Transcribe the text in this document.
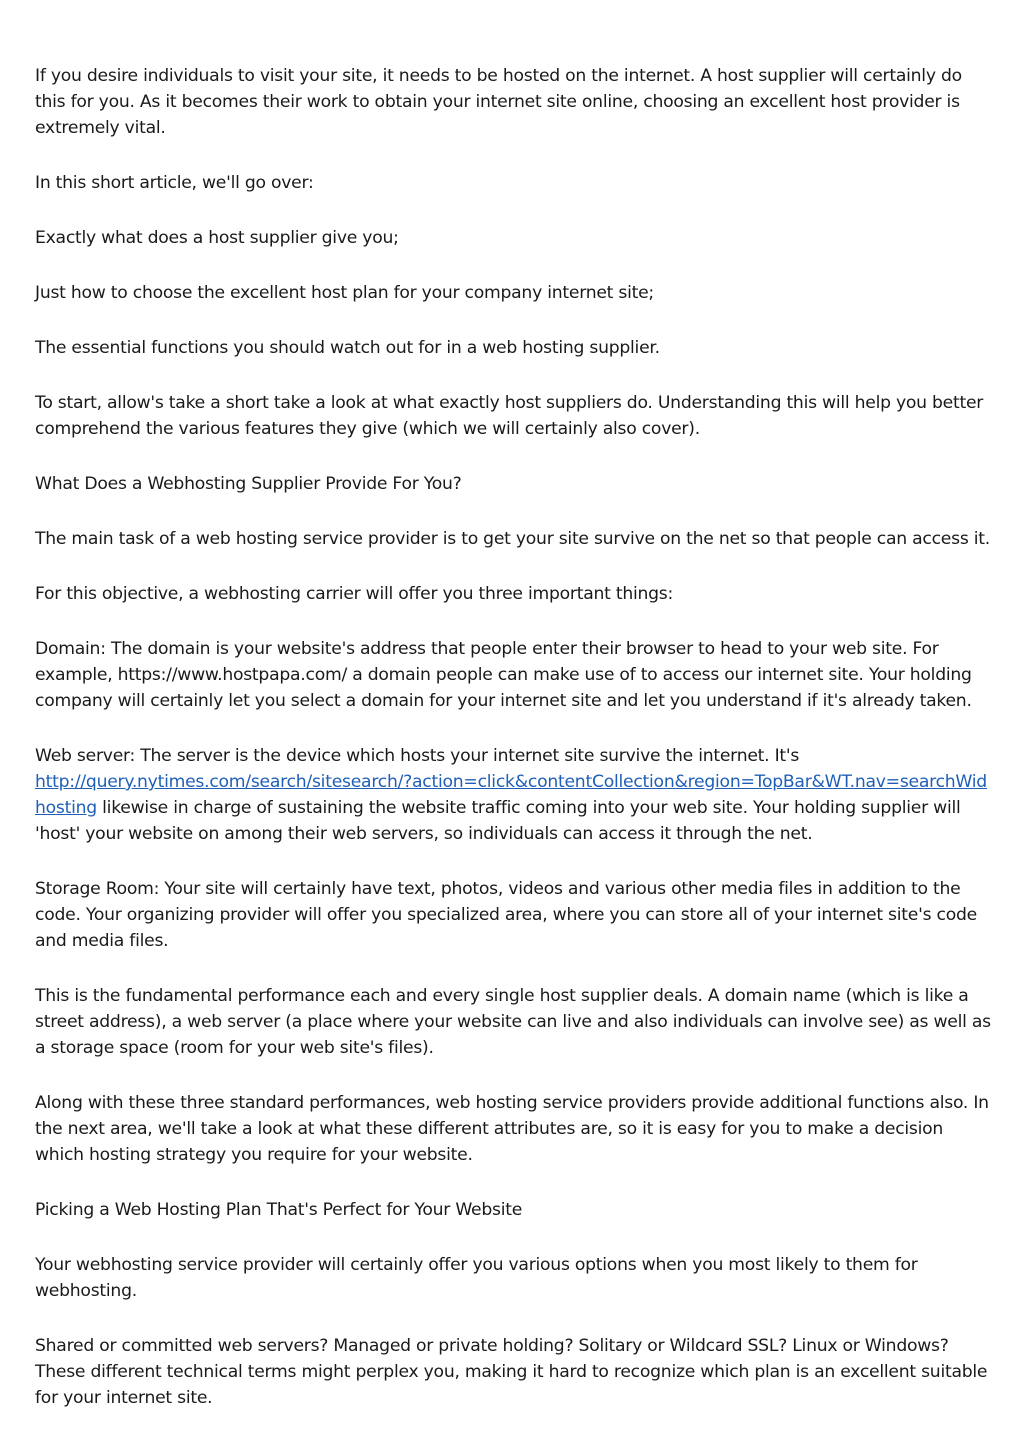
If you desire individuals to visit your site, it needs to be hosted on the internet. A host supplier will certainly do this for you. As it becomes their work to obtain your internet site online, choosing an excellent host provider is extremely vital.

In this short article, we'll go over:

Exactly what does a host supplier give you;

Just how to choose the excellent host plan for your company internet site;

The essential functions you should watch out for in a web hosting supplier.

To start, allow's take a short take a look at what exactly host suppliers do. Understanding this will help you better comprehend the various features they give (which we will certainly also cover).

What Does a Webhosting Supplier Provide For You?

The main task of a web hosting service provider is to get your site survive on the net so that people can access it.

For this objective, a webhosting carrier will offer you three important things:

Domain: The domain is your website's address that people enter their browser to head to your web site. For example, https://www.hostpapa.com/ a domain people can make use of to access our internet site. Your holding company will certainly let you select a domain for your internet site and let you understand if it's already taken.

Web server: The server is the device which hosts your internet site survive the internet. It's
http://query.nytimes.com/search/sitesearch/?action=click&contentCollection&region=TopBar&WT.nav=searchWid
hosting likewise in charge of sustaining the website traffic coming into your web site. Your holding supplier will 'host' your website on among their web servers, so individuals can access it through the net.

Storage Room: Your site will certainly have text, photos, videos and various other media files in addition to the code. Your organizing provider will offer you specialized area, where you can store all of your internet site's code and media files.

This is the fundamental performance each and every single host supplier deals. A domain name (which is like a street address), a web server (a place where your website can live and also individuals can involve see) as well as a storage space (room for your web site's files).

Along with these three standard performances, web hosting service providers provide additional functions also. In the next area, we'll take a look at what these different attributes are, so it is easy for you to make a decision which hosting strategy you require for your website.

Picking a Web Hosting Plan That's Perfect for Your Website

Your webhosting service provider will certainly offer you various options when you most likely to them for webhosting.

Shared or committed web servers? Managed or private holding? Solitary or Wildcard SSL? Linux or Windows? These different technical terms might perplex you, making it hard to recognize which plan is an excellent suitable for your internet site.
